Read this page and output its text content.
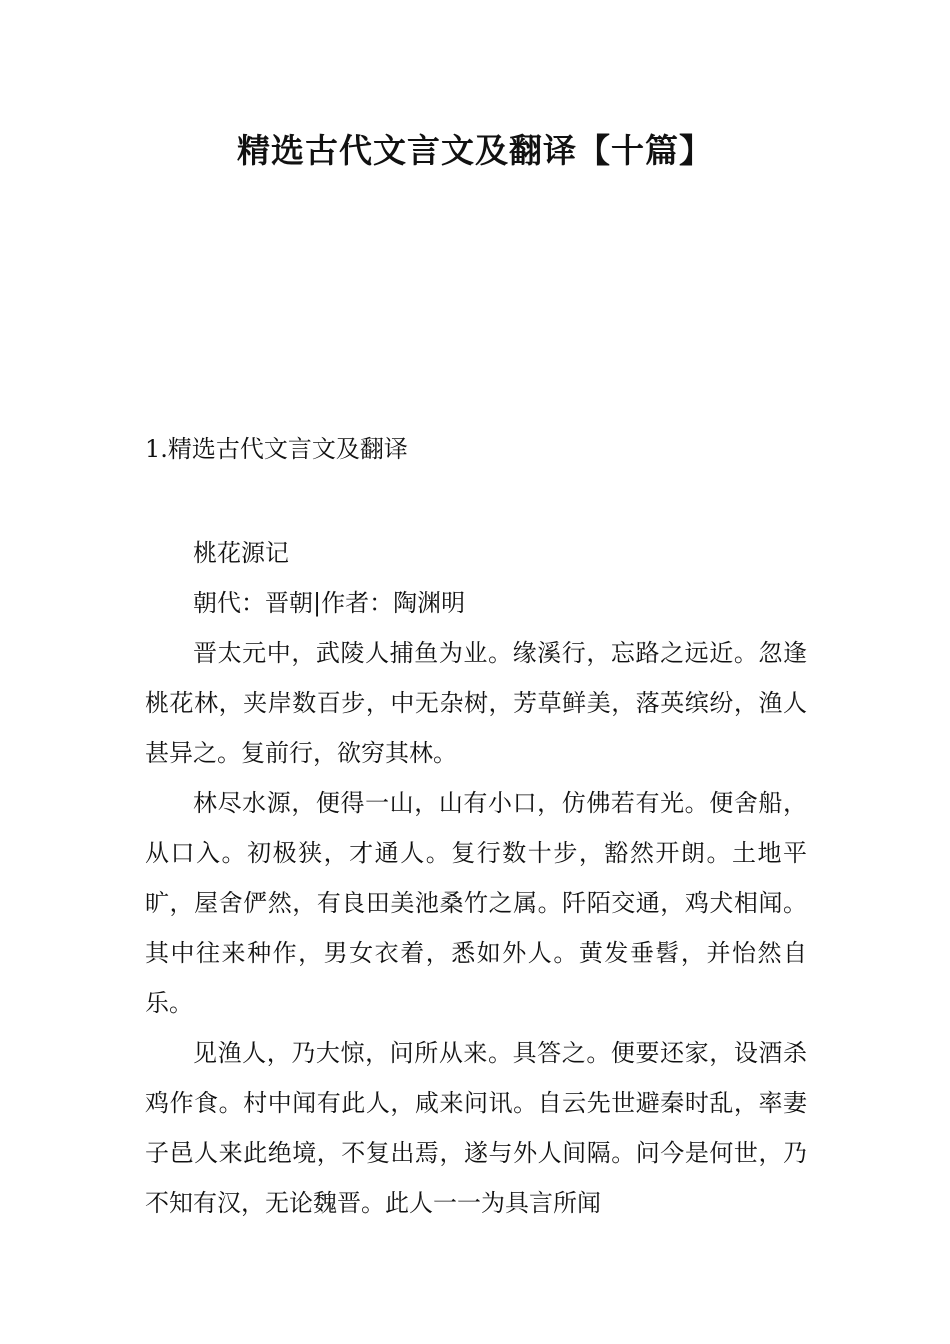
精选古代文言文及翻译【十篇】
1.精选古代文言文及翻译

桃花源记

朝代：晋朝|作者：陶渊明

晋太元中，武陵人捕鱼为业。缘溪行，忘路之远近。忽逢桃花林，夹岸数百步，中无杂树，芳草鲜美，落英缤纷，渔人甚异之。复前行，欲穷其林。

林尽水源，便得一山，山有小口，仿佛若有光。便舍船，从口入。初极狭，才通人。复行数十步，豁然开朗。土地平旷，屋舍俨然，有良田美池桑竹之属。阡陌交通，鸡犬相闻。其中往来种作，男女衣着，悉如外人。黄发垂髫，并怡然自乐。

见渔人，乃大惊，问所从来。具答之。便要还家，设酒杀鸡作食。村中闻有此人，咸来问讯。自云先世避秦时乱，率妻子邑人来此绝境，不复出焉，遂与外人间隔。问今是何世，乃不知有汉，无论魏晋。此人一一为具言所闻
